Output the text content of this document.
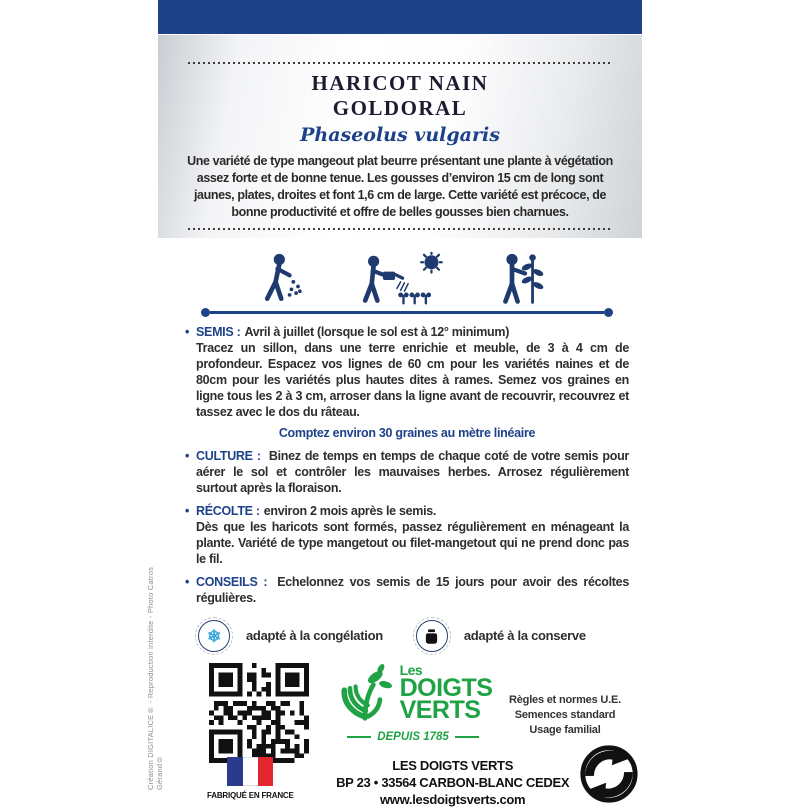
HARICOT NAIN
GOLDORAL
Phaseolus vulgaris
Une variété de type mangeout plat beurre présentant une plante à végétation assez forte et de bonne tenue. Les gousses d’environ 15 cm de long sont jaunes, plates, droites et font 1,6 cm de large. Cette variété est précoce, de bonne productivité et offre de belles gousses bien charnues.
• SEMIS : Avril à juillet (lorsque le sol est à 12° minimum)
Tracez un sillon, dans une terre enrichie et meuble, de 3 à 4 cm de profondeur. Espacez vos lignes de 60 cm pour les variétés naines et de 80cm pour les variétés plus hautes dites à rames. Semez vos graines en ligne tous les 2 à 3 cm, arroser dans la ligne avant de recouvrir, recouvrez et tassez avec le dos du râteau.
Comptez environ 30 graines au mètre linéaire
• CULTURE : Binez de temps en temps de chaque coté de votre semis pour aérer le sol et contrôler les mauvaises herbes. Arrosez régulièrement surtout après la floraison.
• RÉCOLTE : environ 2 mois après le semis.
Dès que les haricots sont formés, passez régulièrement en ménageant la plante. Variété de type mangetout ou filet-mangetout qui ne prend donc pas le fil.
• CONSEILS : Echelonnez vos semis de 15 jours pour avoir des récoltes régulières.
❄ adapté à la congélation	adapté à la conserve
Les
DOIGTS
VERTS
DEPUIS 1785
Règles et normes U.E.
Semences standard
Usage familial
FABRIQUÉ EN FRANCE
LES DOIGTS VERTS
BP 23 • 33564 CARBON-BLANC CEDEX
www.lesdoigtsverts.com
Création DIGITALICE® - Reproduction interdite - Photo Catros Gérand®
